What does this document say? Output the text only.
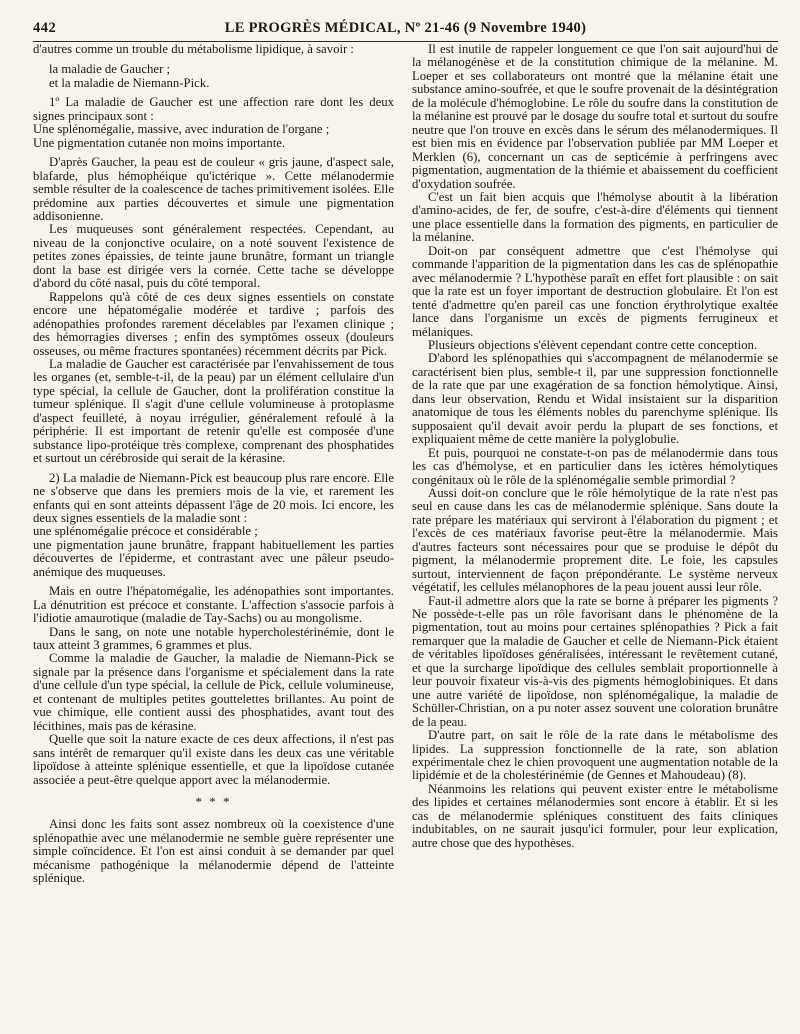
442	LE PROGRÈS MÉDICAL, Nº 21-46 (9 Novembre 1940)

d'autres comme un trouble du métabolisme lipidique, à savoir :

la maladie de Gaucher ;

et la maladie de Niemann-Pick.

1º La maladie de Gaucher est une affection rare dont les deux signes principaux sont :

Une splénomégalie, massive, avec induration de l'organe ;

Une pigmentation cutanée non moins importante.

D'après Gaucher, la peau est de couleur « gris jaune, d'aspect sale, blafarde, plus hémophéique qu'ictérique ». Cette mélanodermie semble résulter de la coalescence de taches primitivement isolées. Elle prédomine aux parties découvertes et simule une pigmentation addisonienne.

Les muqueuses sont généralement respectées. Cependant, au niveau de la conjonctive oculaire, on a noté souvent l'existence de petites zones épaissies, de teinte jaune brunâtre, formant un triangle dont la base est dirigée vers la cornée. Cette tache se développe d'abord du côté nasal, puis du côté temporal.

Rappelons qu'à côté de ces deux signes essentiels on constate encore une hépatomégalie modérée et tardive ; parfois des adénopathies profondes rarement décelables par l'examen clinique ; des hémorragies diverses ; enfin des symptômes osseux (douleurs osseuses, ou même fractures spontanées) récemment décrits par Pick.

La maladie de Gaucher est caractérisée par l'envahissement de tous les organes (et, semble-t-il, de la peau) par un élément cellulaire d'un type spécial, la cellule de Gaucher, dont la prolifération constitue la tumeur splénique. Il s'agit d'une cellule volumineuse à protoplasme d'aspect feuilleté, à noyau irrégulier, généralement refoulé à la périphérie. Il est important de retenir qu'elle est composée d'une substance lipo-protéique très complexe, comprenant des phosphatides et surtout un cérébroside qui serait de la kérasine.

2) La maladie de Niemann-Pick est beaucoup plus rare encore. Elle ne s'observe que dans les premiers mois de la vie, et rarement les enfants qui en sont atteints dépassent l'âge de 20 mois. Ici encore, les deux signes essentiels de la maladie sont :

une splénomégalie précoce et considérable ;

une pigmentation jaune brunâtre, frappant habituellement les parties découvertes de l'épiderme, et contrastant avec une pâleur pseudo-anémique des muqueuses.

Mais en outre l'hépatomégalie, les adénopathies sont importantes. La dénutrition est précoce et constante. L'affection s'associe parfois à l'idiotie amaurotique (maladie de Tay-Sachs) ou au mongolisme.

Dans le sang, on note une notable hypercholestérinémie, dont le taux atteint 3 grammes, 6 grammes et plus.

Comme la maladie de Gaucher, la maladie de Niemann-Pick se signale par la présence dans l'organisme et spécialement dans la rate d'une cellule d'un type spécial, la cellule de Pick, cellule volumineuse, et contenant de multiples petites gouttelettes brillantes. Au point de vue chimique, elle contient aussi des phosphatides, avant tout des lécithines, mais pas de kérasine.

Quelle que soit la nature exacte de ces deux affections, il n'est pas sans intérêt de remarquer qu'il existe dans les deux cas une véritable lipoïdose à atteinte splénique essentielle, et que la lipoïdose cutanée associée a peut-être quelque apport avec la mélanodermie.

* * *

Ainsi donc les faits sont assez nombreux où la coexistence d'une splénopathie avec une mélanodermie ne semble guère représenter une simple coïncidence. Et l'on est ainsi conduit à se demander par quel mécanisme pathogénique la mélanodermie dépend de l'atteinte splénique.

Il est inutile de rappeler longuement ce que l'on sait aujourd'hui de la mélanogénèse et de la constitution chimique de la mélanine. M. Loeper et ses collaborateurs ont montré que la mélanine était une substance amino-soufrée, et que le soufre provenait de la désintégration de la molécule d'hémoglobine. Le rôle du soufre dans la constitution de la mélanine est prouvé par le dosage du soufre total et surtout du soufre neutre que l'on trouve en excès dans le sérum des mélanodermiques. Il est bien mis en évidence par l'observation publiée par MM Loeper et Merklen (6), concernant un cas de septicémie à perfringens avec pigmentation, augmentation de la thiémie et abaissement du coefficient d'oxydation soufrée.

C'est un fait bien acquis que l'hémolyse aboutit à la libération d'amino-acides, de fer, de soufre, c'est-à-dire d'éléments qui tiennent une place essentielle dans la formation des pigments, en particulier de la mélanine.

Doit-on par conséquent admettre que c'est l'hémolyse qui commande l'apparition de la pigmentation dans les cas de splénopathie avec mélanodermie ? L'hypothèse paraît en effet fort plausible : on sait que la rate est un foyer important de destruction globulaire. Et l'on est tenté d'admettre qu'en pareil cas une fonction érythrolytique exaltée lance dans l'organisme un excès de pigments ferrugineux et mélaniques.

Plusieurs objections s'élèvent cependant contre cette conception.

D'abord les splénopathies qui s'accompagnent de mélanodermie se caractérisent bien plus, semble-t il, par une suppression fonctionnelle de la rate que par une exagération de sa fonction hémolytique. Ainsi, dans leur observation, Rendu et Widal insistaient sur la disparition anatomique de tous les éléments nobles du parenchyme splénique. Ils supposaient qu'il devait avoir perdu la plupart de ses fonctions, et expliquaient même de cette manière la polyglobulie.

Et puis, pourquoi ne constate-t-on pas de mélanodermie dans tous les cas d'hémolyse, et en particulier dans les ictères hémolytiques congénitaux où le rôle de la splénomégalie semble primordial ?

Aussi doit-on conclure que le rôle hémolytique de la rate n'est pas seul en cause dans les cas de mélanodermie splénique. Sans doute la rate prépare les matériaux qui serviront à l'élaboration du pigment ; et l'excès de ces matériaux favorise peut-être la mélanodermie. Mais d'autres facteurs sont nécessaires pour que se produise le dépôt du pigment, la mélanodermie proprement dite. Le foie, les capsules surtout, interviennent de façon prépondérante. Le système nerveux végétatif, les cellules mélanophores de la peau jouent aussi leur rôle.

Faut-il admettre alors que la rate se borne à préparer les pigments ? Ne possède-t-elle pas un rôle favorisant dans le phénomène de la pigmentation, tout au moins pour certaines splénopathies ? Pick a fait remarquer que la maladie de Gaucher et celle de Niemann-Pick étaient de véritables lipoïdoses généralisées, intéressant le revêtement cutané, et que la surcharge lipoïdique des cellules semblait proportionnelle à leur pouvoir fixateur vis-à-vis des pigments hémoglobiniques. Et dans une autre variété de lipoïdose, non splénomégalique, la maladie de Schüller-Christian, on a pu noter assez souvent une coloration brunâtre de la peau.

D'autre part, on sait le rôle de la rate dans le métabolisme des lipides. La suppression fonctionnelle de la rate, son ablation expérimentale chez le chien provoquent une augmentation notable de la lipidémie et de la cholestérinémie (de Gennes et Mahoudeau) (8).

Néanmoins les relations qui peuvent exister entre le métabolisme des lipides et certaines mélanodermies sont encore à établir. Et si les cas de mélanodermie spléniques constituent des faits cliniques indubitables, on ne saurait jusqu'ici formuler, pour leur explication, autre chose que des hypothèses.
